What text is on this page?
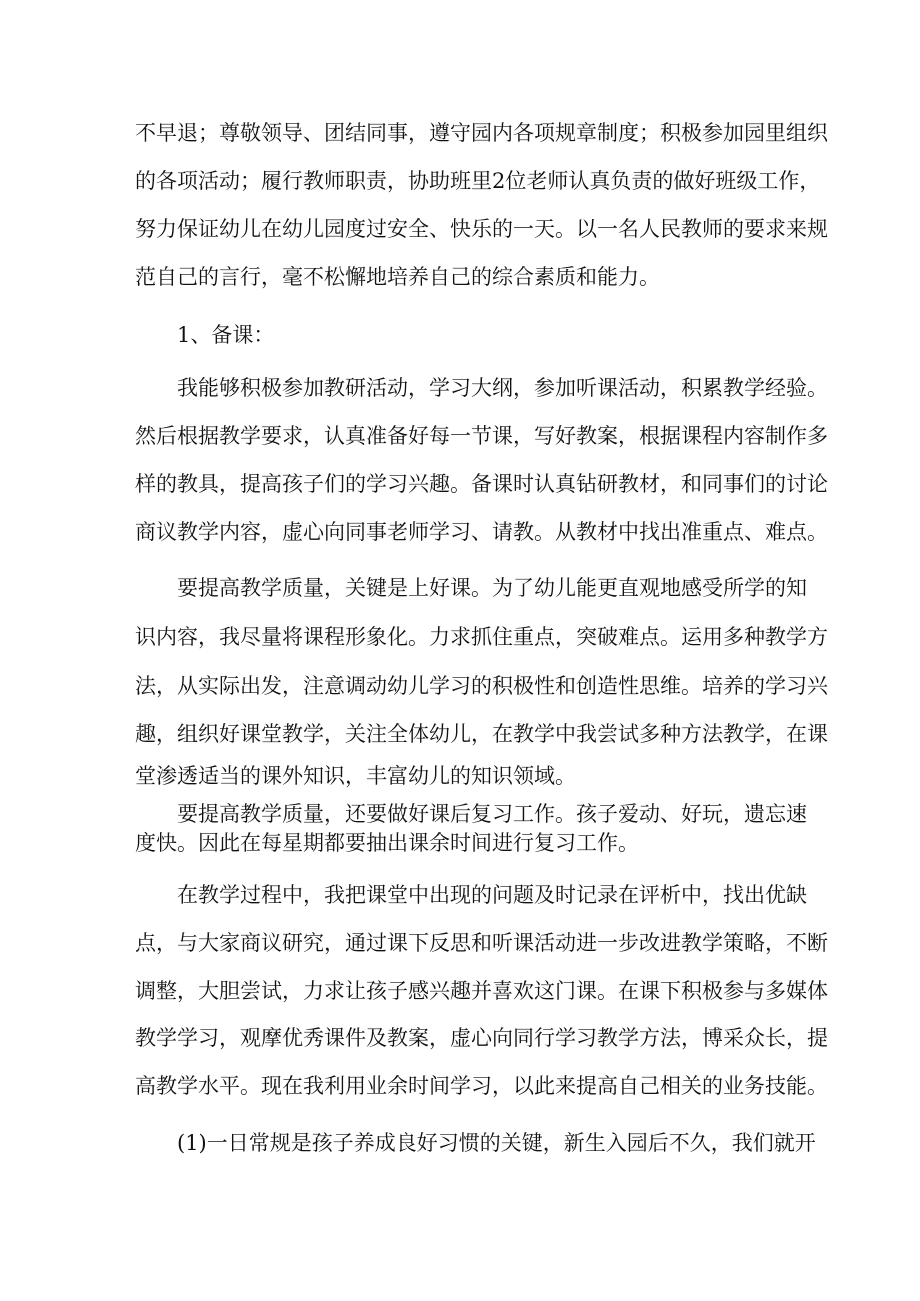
不早退；尊敬领导、团结同事，遵守园内各项规章制度；积极参加园里组织

的各项活动；履行教师职责，协助班里2位老师认真负责的做好班级工作，

努力保证幼儿在幼儿园度过安全、快乐的一天。以一名人民教师的要求来规

范自己的言行，毫不松懈地培养自己的综合素质和能力。

1、备课：

我能够积极参加教研活动，学习大纲，参加听课活动，积累教学经验。

然后根据教学要求，认真准备好每一节课，写好教案，根据课程内容制作多

样的教具，提高孩子们的学习兴趣。备课时认真钻研教材，和同事们的讨论

商议教学内容，虚心向同事老师学习、请教。从教材中找出准重点、难点。

要提高教学质量，关键是上好课。为了幼儿能更直观地感受所学的知

识内容，我尽量将课程形象化。力求抓住重点，突破难点。运用多种教学方

法，从实际出发，注意调动幼儿学习的积极性和创造性思维。培养的学习兴

趣，组织好课堂教学，关注全体幼儿，在教学中我尝试多种方法教学，在课

堂渗透适当的课外知识，丰富幼儿的知识领域。

要提高教学质量，还要做好课后复习工作。孩子爱动、好玩，遗忘速

度快。因此在每星期都要抽出课余时间进行复习工作。

在教学过程中，我把课堂中出现的问题及时记录在评析中，找出优缺

点，与大家商议研究，通过课下反思和听课活动进一步改进教学策略，不断

调整，大胆尝试，力求让孩子感兴趣并喜欢这门课。在课下积极参与多媒体

教学学习，观摩优秀课件及教案，虚心向同行学习教学方法，博采众长，提

高教学水平。现在我利用业余时间学习，以此来提高自己相关的业务技能。

(1)一日常规是孩子养成良好习惯的关键，新生入园后不久，我们就开
